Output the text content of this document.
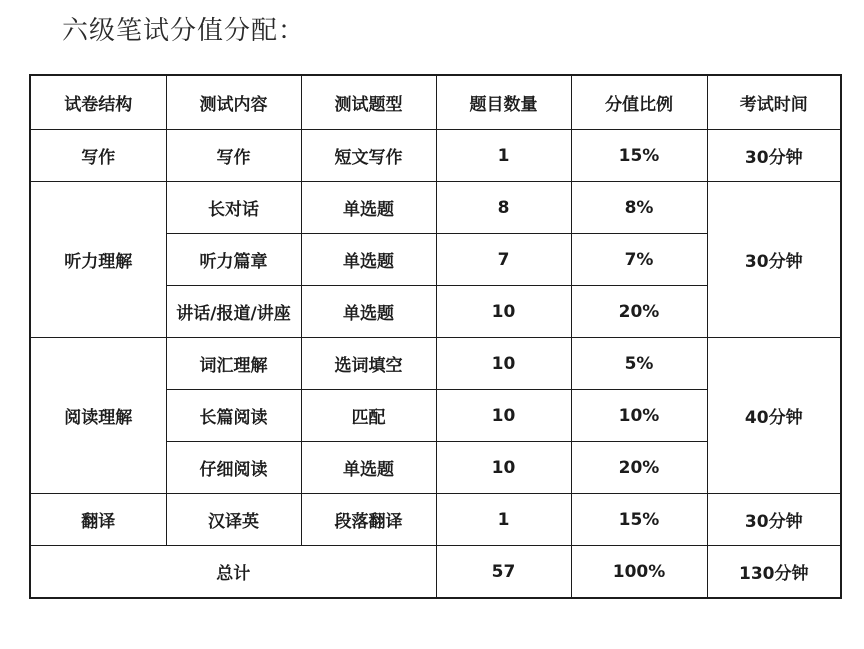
六级笔试分值分配：
试卷结构	测试内容	测试题型	题目数量	分值比例	考试时间
写作	写作	短文写作	1	15%	30分钟
听力理解	长对话	单选题	8	8%	30分钟
	听力篇章	单选题	7	7%	
	讲话/报道/讲座	单选题	10	20%	
阅读理解	词汇理解	选词填空	10	5%	40分钟
	长篇阅读	匹配	10	10%	
	仔细阅读	单选题	10	20%	
翻译	汉译英	段落翻译	1	15%	30分钟
总计			57	100%	130分钟
